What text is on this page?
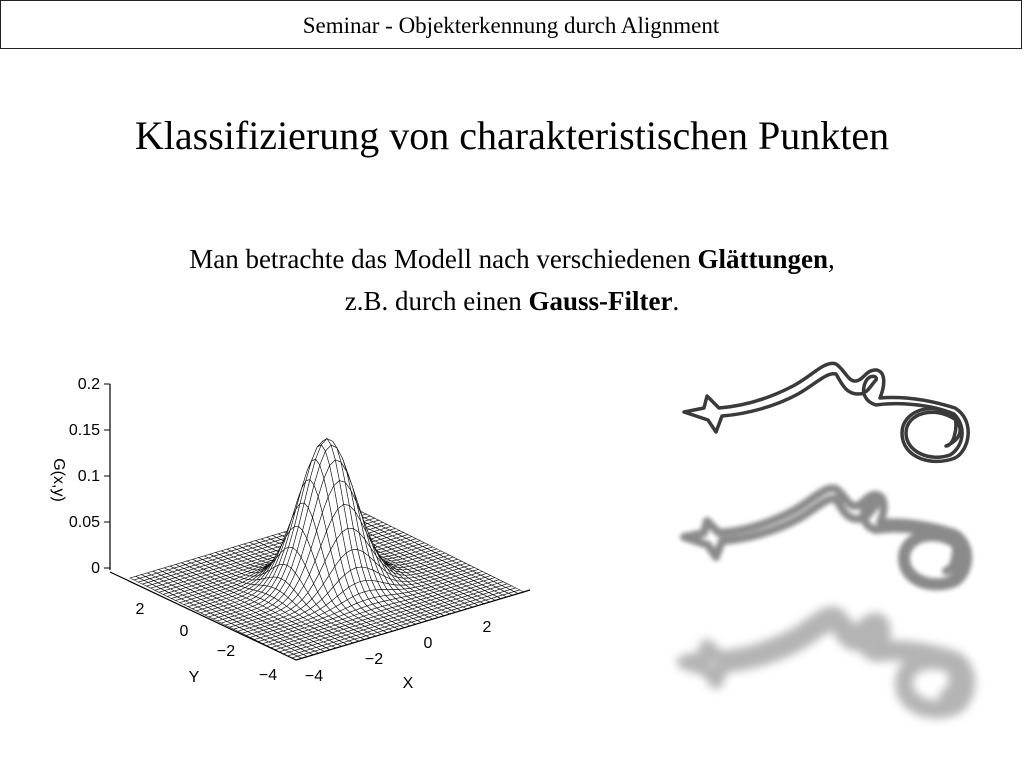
Seminar - Objekterkennung durch Alignment
Klassifizierung von charakteristischen Punkten
Man betrachte das Modell nach verschiedenen Glättungen,
z.B. durch einen Gauss-Filter.
0.2
0.15
0.1
0.05
0
G(x,y)
2
0
−2
−4
Y	−4
−2
0
2
X
